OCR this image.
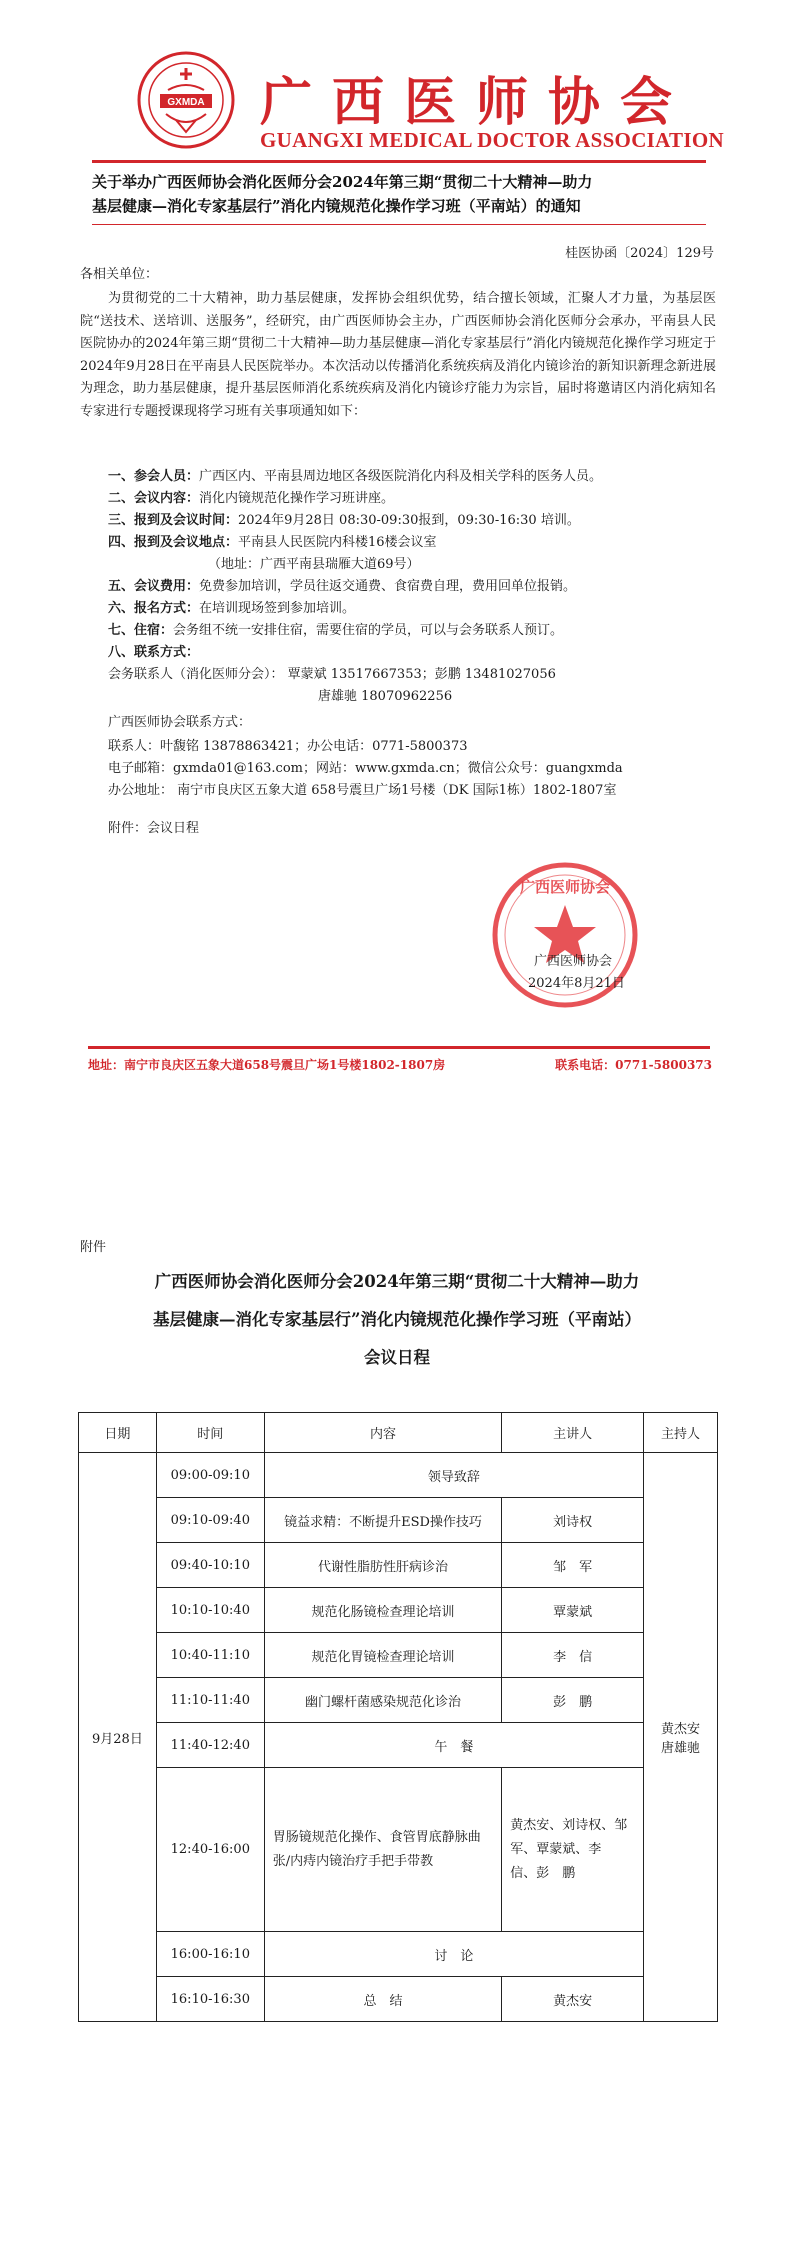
GXMDA 广西医师协会
GUANGXI MEDICAL DOCTOR ASSOCIATION
关于举办广西医师协会消化医师分会2024年第三期“贯彻二十大精神—助力
基层健康—消化专家基层行”消化内镜规范化操作学习班（平南站）的通知
桂医协函〔2024〕129号
各相关单位：
为贯彻党的二十大精神，助力基层健康，发挥协会组织优势，结合擅长领域，汇聚人才力量，为基层医院“送技术、送培训、送服务”，经研究，由广西医师协会主办，广西医师协会消化医师分会承办，平南县人民医院协办的2024年第三期“贯彻二十大精神—助力基层健康—消化专家基层行”消化内镜规范化操作学习班定于2024年9月28日在平南县人民医院举办。本次活动以传播消化系统疾病及消化内镜诊治的新知识新理念新进展为理念，助力基层健康，提升基层医师消化系统疾病及消化内镜诊疗能力为宗旨，届时将邀请区内消化病知名专家进行专题授课现将学习班有关事项通知如下：
一、参会人员：广西区内、平南县周边地区各级医院消化内科及相关学科的医务人员。
二、会议内容：消化内镜规范化操作学习班讲座。
三、报到及会议时间：2024年9月28日 08:30-09:30报到，09:30-16:30 培训。
四、报到及会议地点：平南县人民医院内科楼16楼会议室
（地址：广西平南县瑞雁大道69号）
五、会议费用：免费参加培训，学员往返交通费、食宿费自理，费用回单位报销。
六、报名方式：在培训现场签到参加培训。
七、住宿：会务组不统一安排住宿，需要住宿的学员，可以与会务联系人预订。
八、联系方式：
会务联系人（消化医师分会）： 覃蒙斌 13517667353；彭鹏 13481027056
唐雄驰 18070962256
广西医师协会联系方式：
联系人：叶馥铭 13878863421；办公电话：0771-5800373
电子邮箱：gxmda01@163.com；网站：www.gxmda.cn；微信公众号：guangxmda
办公地址： 南宁市良庆区五象大道 658号震旦广场1号楼（DK 国际1栋）1802-1807室
附件：会议日程
广西医师协会
广西医师协会
2024年8月21日
地址：南宁市良庆区五象大道658号震旦广场1号楼1802-1807房	联系电话：0771-5800373
附件
广西医师协会消化医师分会2024年第三期“贯彻二十大精神—助力
基层健康—消化专家基层行”消化内镜规范化操作学习班（平南站）
会议日程
日期	时间	内容	主讲人	主持人
9月28日	09:00-09:10	领导致辞		黄杰安
唐雄驰
	09:10-09:40	镜益求精：不断提升ESD操作技巧	刘诗权	
	09:40-10:10	代谢性脂肪性肝病诊治	邹　军	
	10:10-10:40	规范化肠镜检查理论培训	覃蒙斌	
	10:40-11:10	规范化胃镜检查理论培训	李　信	
	11:10-11:40	幽门螺杆菌感染规范化诊治	彭　鹏	
	11:40-12:40	午　餐		
	12:40-16:00	胃肠镜规范化操作、食管胃底静脉曲张/内痔内镜治疗手把手带教	黄杰安、刘诗权、邹　军、覃蒙斌、李　信、彭　鹏	
	16:00-16:10	讨　论		
	16:10-16:30	总　结	黄杰安	
